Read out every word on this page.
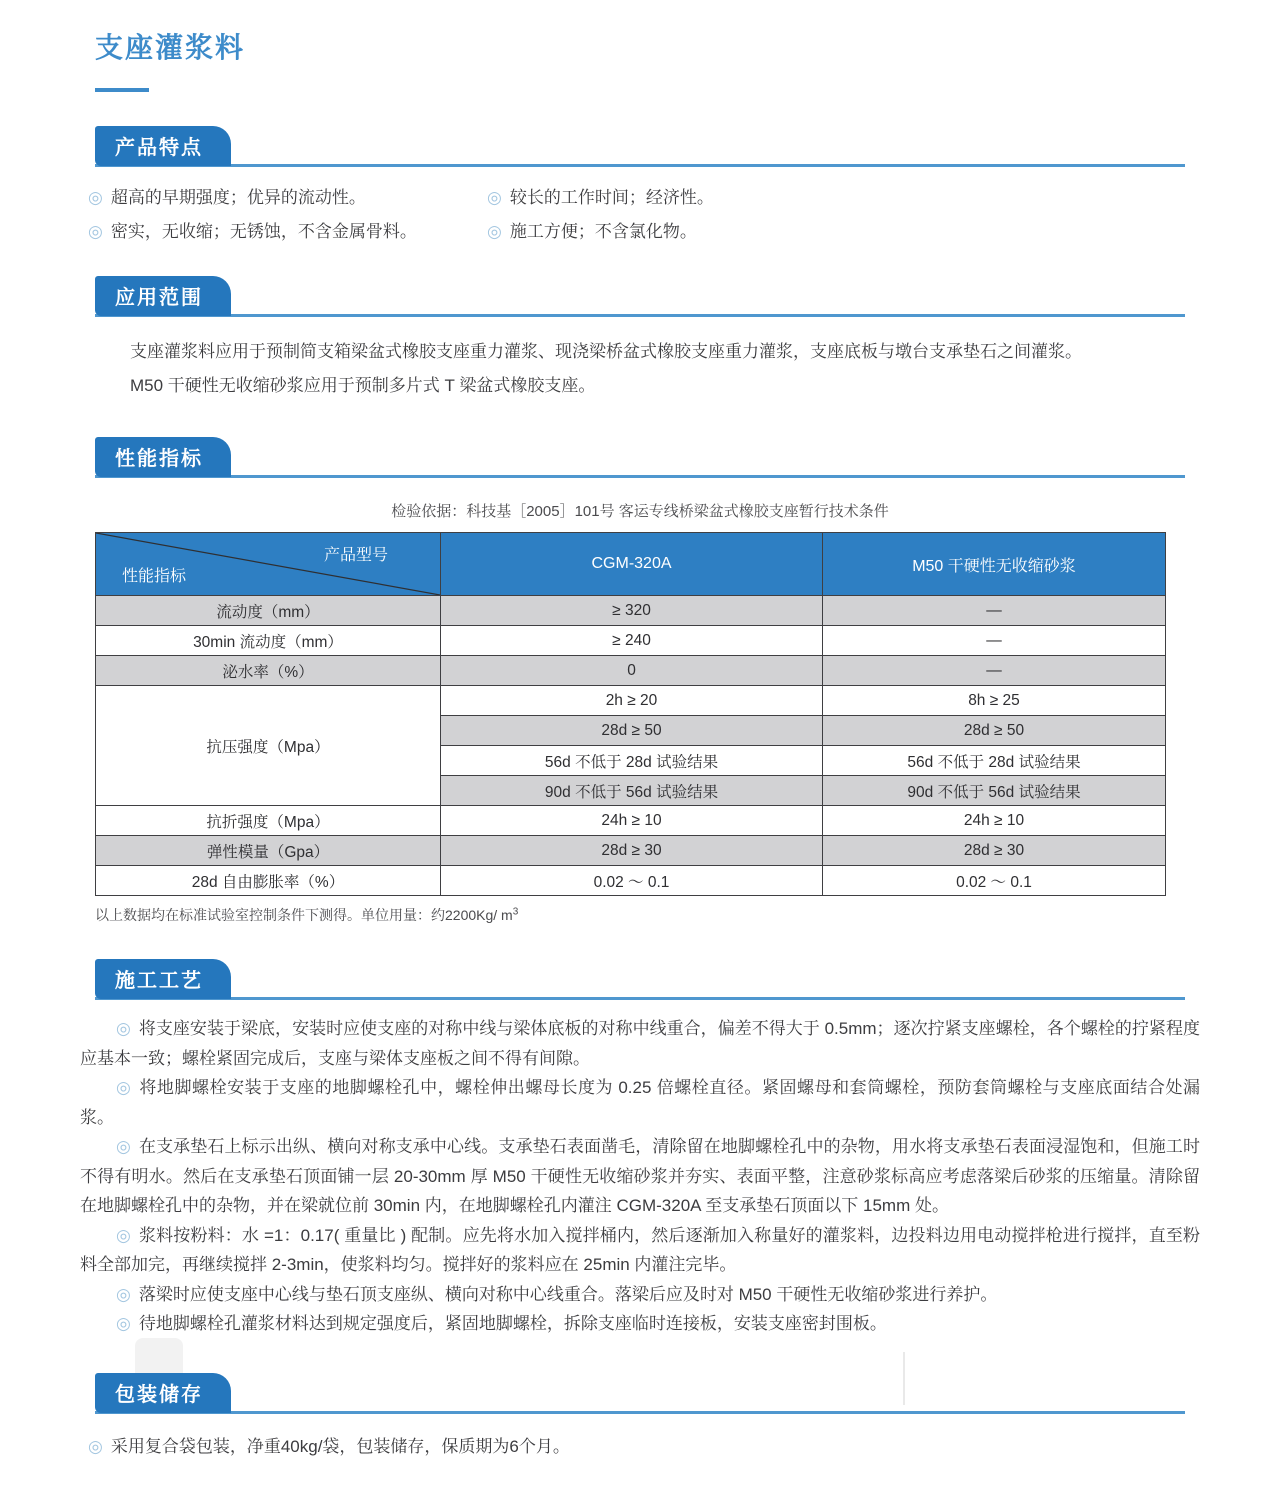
支座灌浆料
产品特点
◎ 超高的早期强度；优异的流动性。	◎ 较长的工作时间；经济性。
◎ 密实，无收缩；无锈蚀，不含金属骨料。	◎ 施工方便；不含氯化物。
应用范围

支座灌浆料应用于预制简支箱梁盆式橡胶支座重力灌浆、现浇梁桥盆式橡胶支座重力灌浆，支座底板与墩台支承垫石之间灌浆。

M50 干硬性无收缩砂浆应用于预制多片式 T 梁盆式橡胶支座。

性能指标
检验依据：科技基［2005］101号 客运专线桥梁盆式橡胶支座暂行技术条件
产品型号
性能指标	CGM-320A	M50 干硬性无收缩砂浆
流动度（mm）	≥ 320	—
30min 流动度（mm）	≥ 240	—
泌水率（%）	0	—
抗压强度（Mpa）	2h ≥ 20	8h ≥ 25
	28d ≥ 50	28d ≥ 50
	56d 不低于 28d 试验结果	56d 不低于 28d 试验结果
	90d 不低于 56d 试验结果	90d 不低于 56d 试验结果
抗折强度（Mpa）	24h ≥ 10	24h ≥ 10
弹性模量（Gpa）	28d ≥ 30	28d ≥ 30
28d 自由膨胀率（%）	0.02 ～ 0.1	0.02 ～ 0.1
以上数据均在标准试验室控制条件下测得。单位用量：约2200Kg/ $m^3$
施工工艺

◎ 将支座安装于梁底，安装时应使支座的对称中线与梁体底板的对称中线重合，偏差不得大于 0.5mm；逐次拧紧支座螺栓，各个螺栓的拧紧程度应基本一致；螺栓紧固完成后，支座与梁体支座板之间不得有间隙。

◎ 将地脚螺栓安装于支座的地脚螺栓孔中，螺栓伸出螺母长度为 0.25 倍螺栓直径。紧固螺母和套筒螺栓，预防套筒螺栓与支座底面结合处漏浆。

◎ 在支承垫石上标示出纵、横向对称支承中心线。支承垫石表面凿毛，清除留在地脚螺栓孔中的杂物，用水将支承垫石表面浸湿饱和，但施工时不得有明水。然后在支承垫石顶面铺一层 20-30mm 厚 M50 干硬性无收缩砂浆并夯实、表面平整，注意砂浆标高应考虑落梁后砂浆的压缩量。清除留在地脚螺栓孔中的杂物，并在梁就位前 30min 内，在地脚螺栓孔内灌注 CGM-320A 至支承垫石顶面以下 15mm 处。

◎ 浆料按粉料：水 =1：0.17( 重量比 ) 配制。应先将水加入搅拌桶内，然后逐渐加入称量好的灌浆料，边投料边用电动搅拌枪进行搅拌，直至粉料全部加完，再继续搅拌 2-3min，使浆料均匀。搅拌好的浆料应在 25min 内灌注完毕。

◎ 落梁时应使支座中心线与垫石顶支座纵、横向对称中心线重合。落梁后应及时对 M50 干硬性无收缩砂浆进行养护。

◎ 待地脚螺栓孔灌浆材料达到规定强度后，紧固地脚螺栓，拆除支座临时连接板，安装支座密封围板。

包装储存
◎ 采用复合袋包装，净重40kg/袋，包装储存，保质期为6个月。
